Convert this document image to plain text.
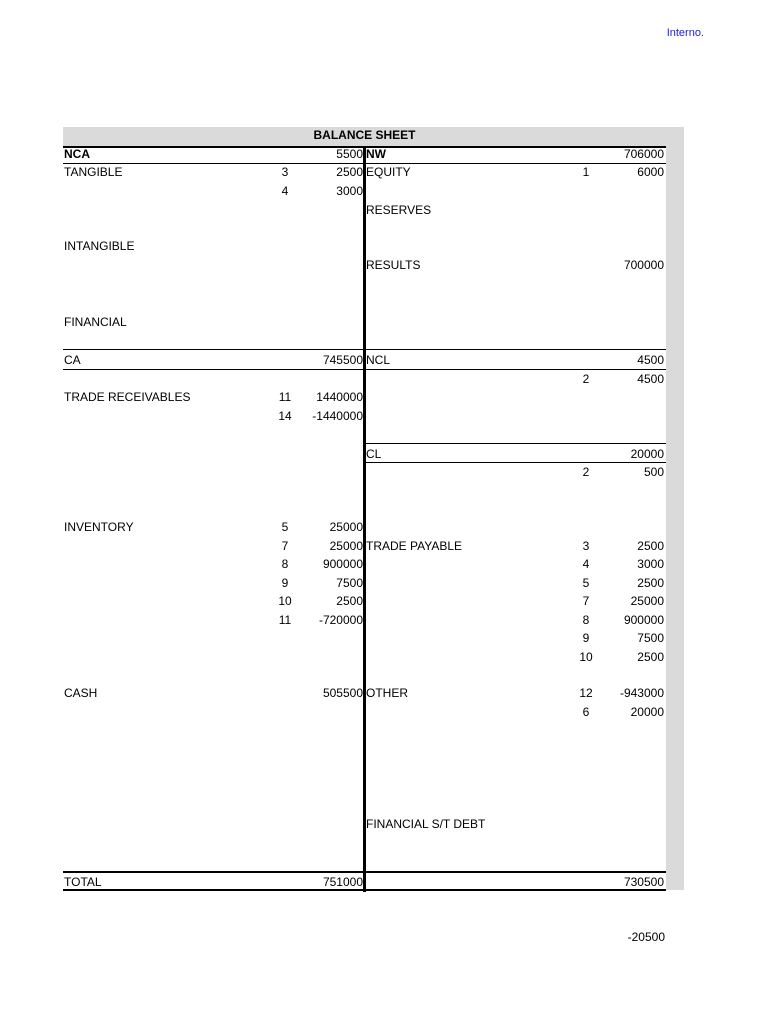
Interno.
BALANCE SHEET
NCA	5500
TANGIBLE	3	2500
4	3000
INTANGIBLE
FINANCIAL
CA	745500
TRADE RECEIVABLES	11	1440000
14	-1440000
INVENTORY	5	25000
7	25000
8	900000
9	7500
10	2500
11	-720000
CASH	505500
TOTAL	751000
NW	706000
EQUITY	1	6000
RESERVES
RESULTS	700000
NCL	4500
2	4500
CL	20000
2	500
TRADE PAYABLE	3	2500
4	3000
5	2500
7	25000
8	900000
9	7500
10	2500
OTHER	12	-943000
6	20000
FINANCIAL S/T DEBT
730500
-20500
